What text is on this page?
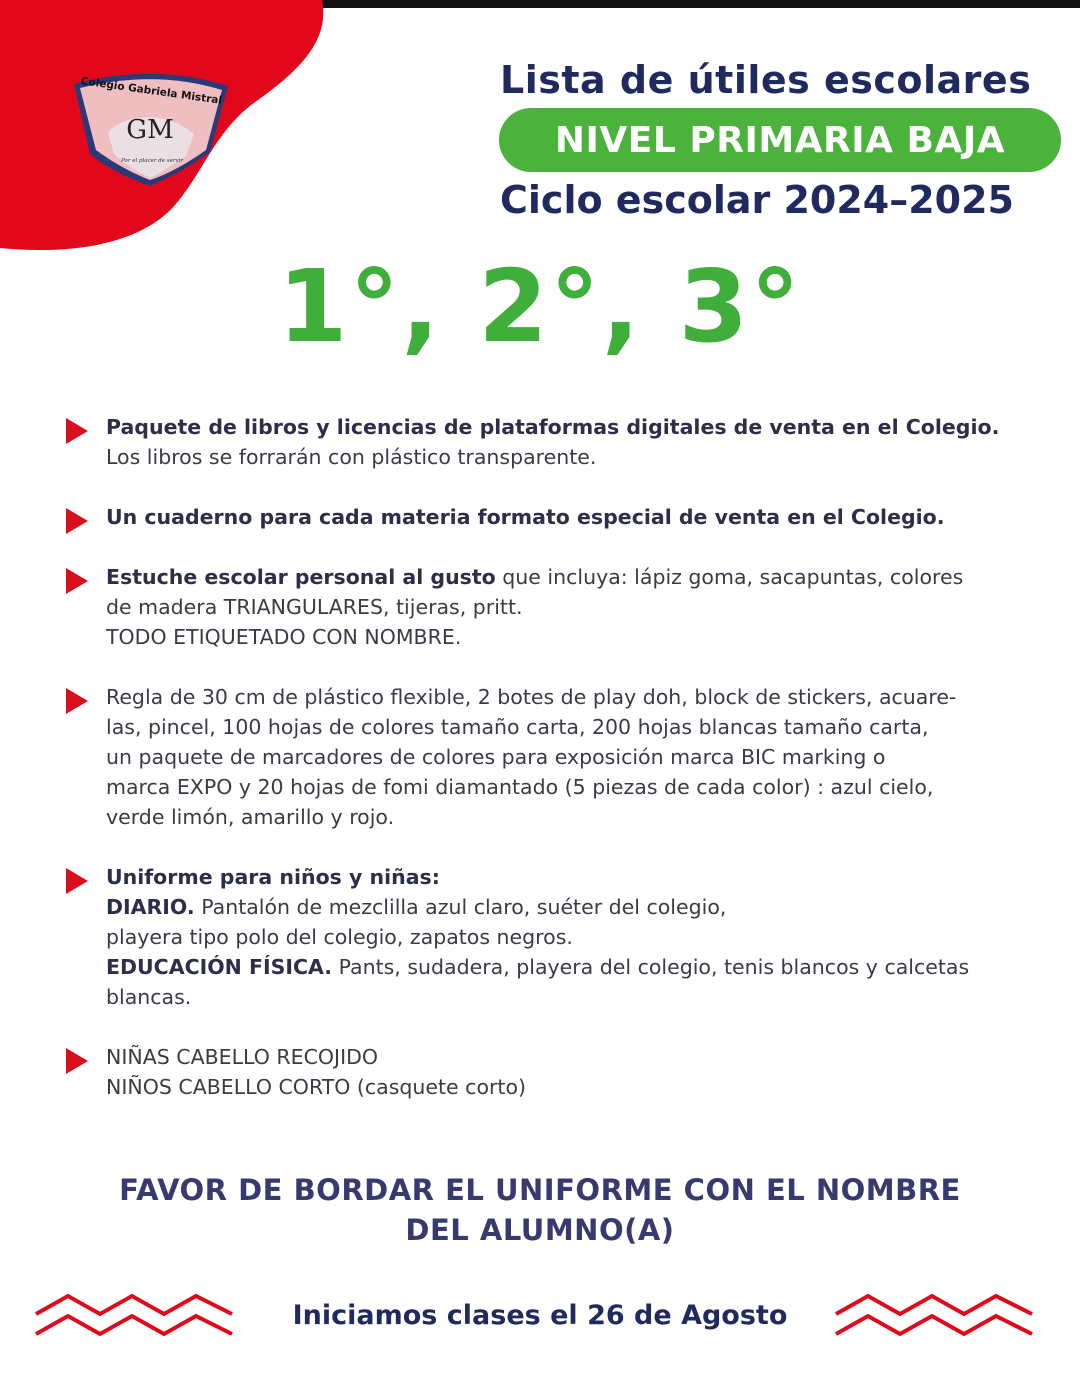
Colegio Gabriela Mistral
GM
Por el placer de servir
Lista de útiles escolares
NIVEL PRIMARIA BAJA
Ciclo escolar 2024–2025
1°, 2°, 3°
Paquete de libros y licencias de plataformas digitales de venta en el Colegio.
Los libros se forrarán con plástico transparente.
Un cuaderno para cada materia formato especial de venta en el Colegio.
Estuche escolar personal al gusto que incluya: lápiz goma, sacapuntas, colores
de madera TRIANGULARES, tijeras, pritt.
TODO ETIQUETADO CON NOMBRE.
Regla de 30 cm de plástico flexible, 2 botes de play doh, block de stickers, acuare-
las, pincel, 100 hojas de colores tamaño carta, 200 hojas blancas tamaño carta,
un paquete de marcadores de colores para exposición marca BIC marking o
marca EXPO y 20 hojas de fomi diamantado (5 piezas de cada color) : azul cielo,
verde limón, amarillo y rojo.
Uniforme para niños y niñas:
DIARIO. Pantalón de mezclilla azul claro, suéter del colegio,
playera tipo polo del colegio, zapatos negros.
EDUCACIÓN FÍSICA. Pants, sudadera, playera del colegio, tenis blancos y calcetas
blancas.
NIÑAS CABELLO RECOJIDO
NIÑOS CABELLO CORTO (casquete corto)
FAVOR DE BORDAR EL UNIFORME CON EL NOMBRE
DEL ALUMNO(A)
Iniciamos clases el 26 de Agosto
